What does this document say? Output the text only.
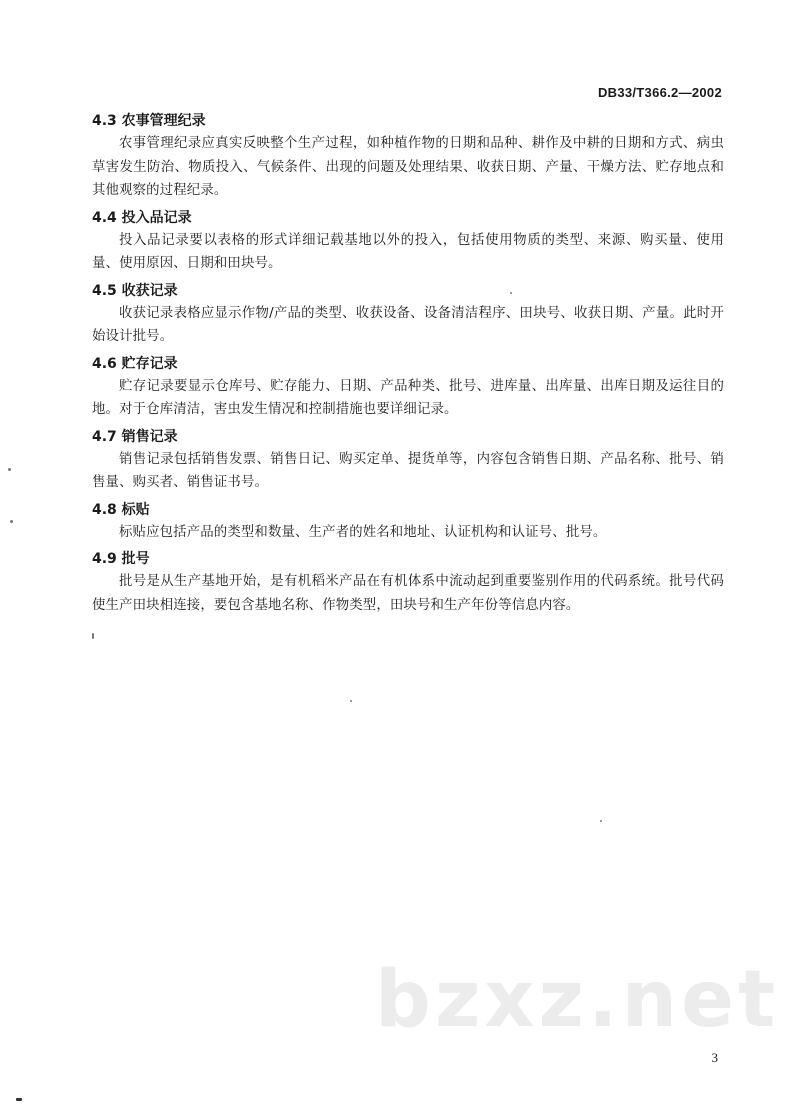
DB33/T366.2—2002
4.3 农事管理纪录

农事管理纪录应真实反映整个生产过程，如种植作物的日期和品种、耕作及中耕的日期和方式、病虫草害发生防治、物质投入、气候条件、出现的问题及处理结果、收获日期、产量、干燥方法、贮存地点和其他观察的过程纪录。

4.4 投入品记录

投入品记录要以表格的形式详细记载基地以外的投入，包括使用物质的类型、来源、购买量、使用量、使用原因、日期和田块号。

4.5 收获记录

收获记录表格应显示作物/产品的类型、收获设备、设备清洁程序、田块号、收获日期、产量。此时开始设计批号。

4.6 贮存记录

贮存记录要显示仓库号、贮存能力、日期、产品种类、批号、进库量、出库量、出库日期及运往目的地。对于仓库清洁，害虫发生情况和控制措施也要详细记录。

4.7 销售记录

销售记录包括销售发票、销售日记、购买定单、提货单等，内容包含销售日期、产品名称、批号、销售量、购买者、销售证书号。

4.8 标贴

标贴应包括产品的类型和数量、生产者的姓名和地址、认证机构和认证号、批号。

4.9 批号

批号是从生产基地开始，是有机稻米产品在有机体系中流动起到重要鉴别作用的代码系统。批号代码使生产田块相连接，要包含基地名称、作物类型，田块号和生产年份等信息内容。

bzxz.net
3
